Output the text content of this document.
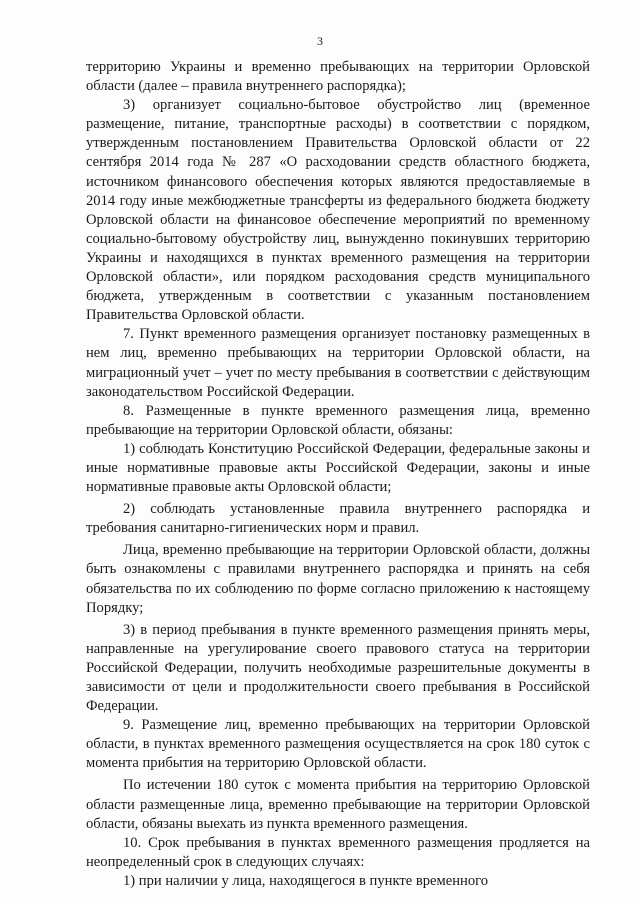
3

территорию Украины и временно пребывающих на территории Орловской области (далее – правила внутреннего распорядка);

3) организует социально-бытовое обустройство лиц (временное размещение, питание, транспортные расходы) в соответствии с порядком, утвержденным постановлением Правительства Орловской области от 22 сентября 2014 года № 287 «О расходовании средств областного бюджета, источником финансового обеспечения которых являются предоставляемые в 2014 году иные межбюджетные трансферты из федерального бюджета бюджету Орловской области на финансовое обеспечение мероприятий по временному социально-бытовому обустройству лиц, вынужденно покинувших территорию Украины и находящихся в пунктах временного размещения на территории Орловской области», или порядком расходования средств муниципального бюджета, утвержденным в соответствии с указанным постановлением Правительства Орловской области.

7. Пункт временного размещения организует постановку размещенных в нем лиц, временно пребывающих на территории Орловской области, на миграционный учет – учет по месту пребывания в соответствии с действующим законодательством Российской Федерации.

8. Размещенные в пункте временного размещения лица, временно пребывающие на территории Орловской области, обязаны:

1) соблюдать Конституцию Российской Федерации, федеральные законы и иные нормативные правовые акты Российской Федерации, законы и иные нормативные правовые акты Орловской области;

2) соблюдать установленные правила внутреннего распорядка и требования санитарно-гигиенических норм и правил.

Лица, временно пребывающие на территории Орловской области, должны быть ознакомлены с правилами внутреннего распорядка и принять на себя обязательства по их соблюдению по форме согласно приложению к настоящему Порядку;

3) в период пребывания в пункте временного размещения принять меры, направленные на урегулирование своего правового статуса на территории Российской Федерации, получить необходимые разрешительные документы в зависимости от цели и продолжительности своего пребывания в Российской Федерации.

9. Размещение лиц, временно пребывающих на территории Орловской области, в пунктах временного размещения осуществляется на срок 180 суток с момента прибытия на территорию Орловской области.

По истечении 180 суток с момента прибытия на территорию Орловской области размещенные лица, временно пребывающие на территории Орловской области, обязаны выехать из пункта временного размещения.

10. Срок пребывания в пунктах временного размещения продляется на неопределенный срок в следующих случаях:

1) при наличии у лица, находящегося в пункте временного
